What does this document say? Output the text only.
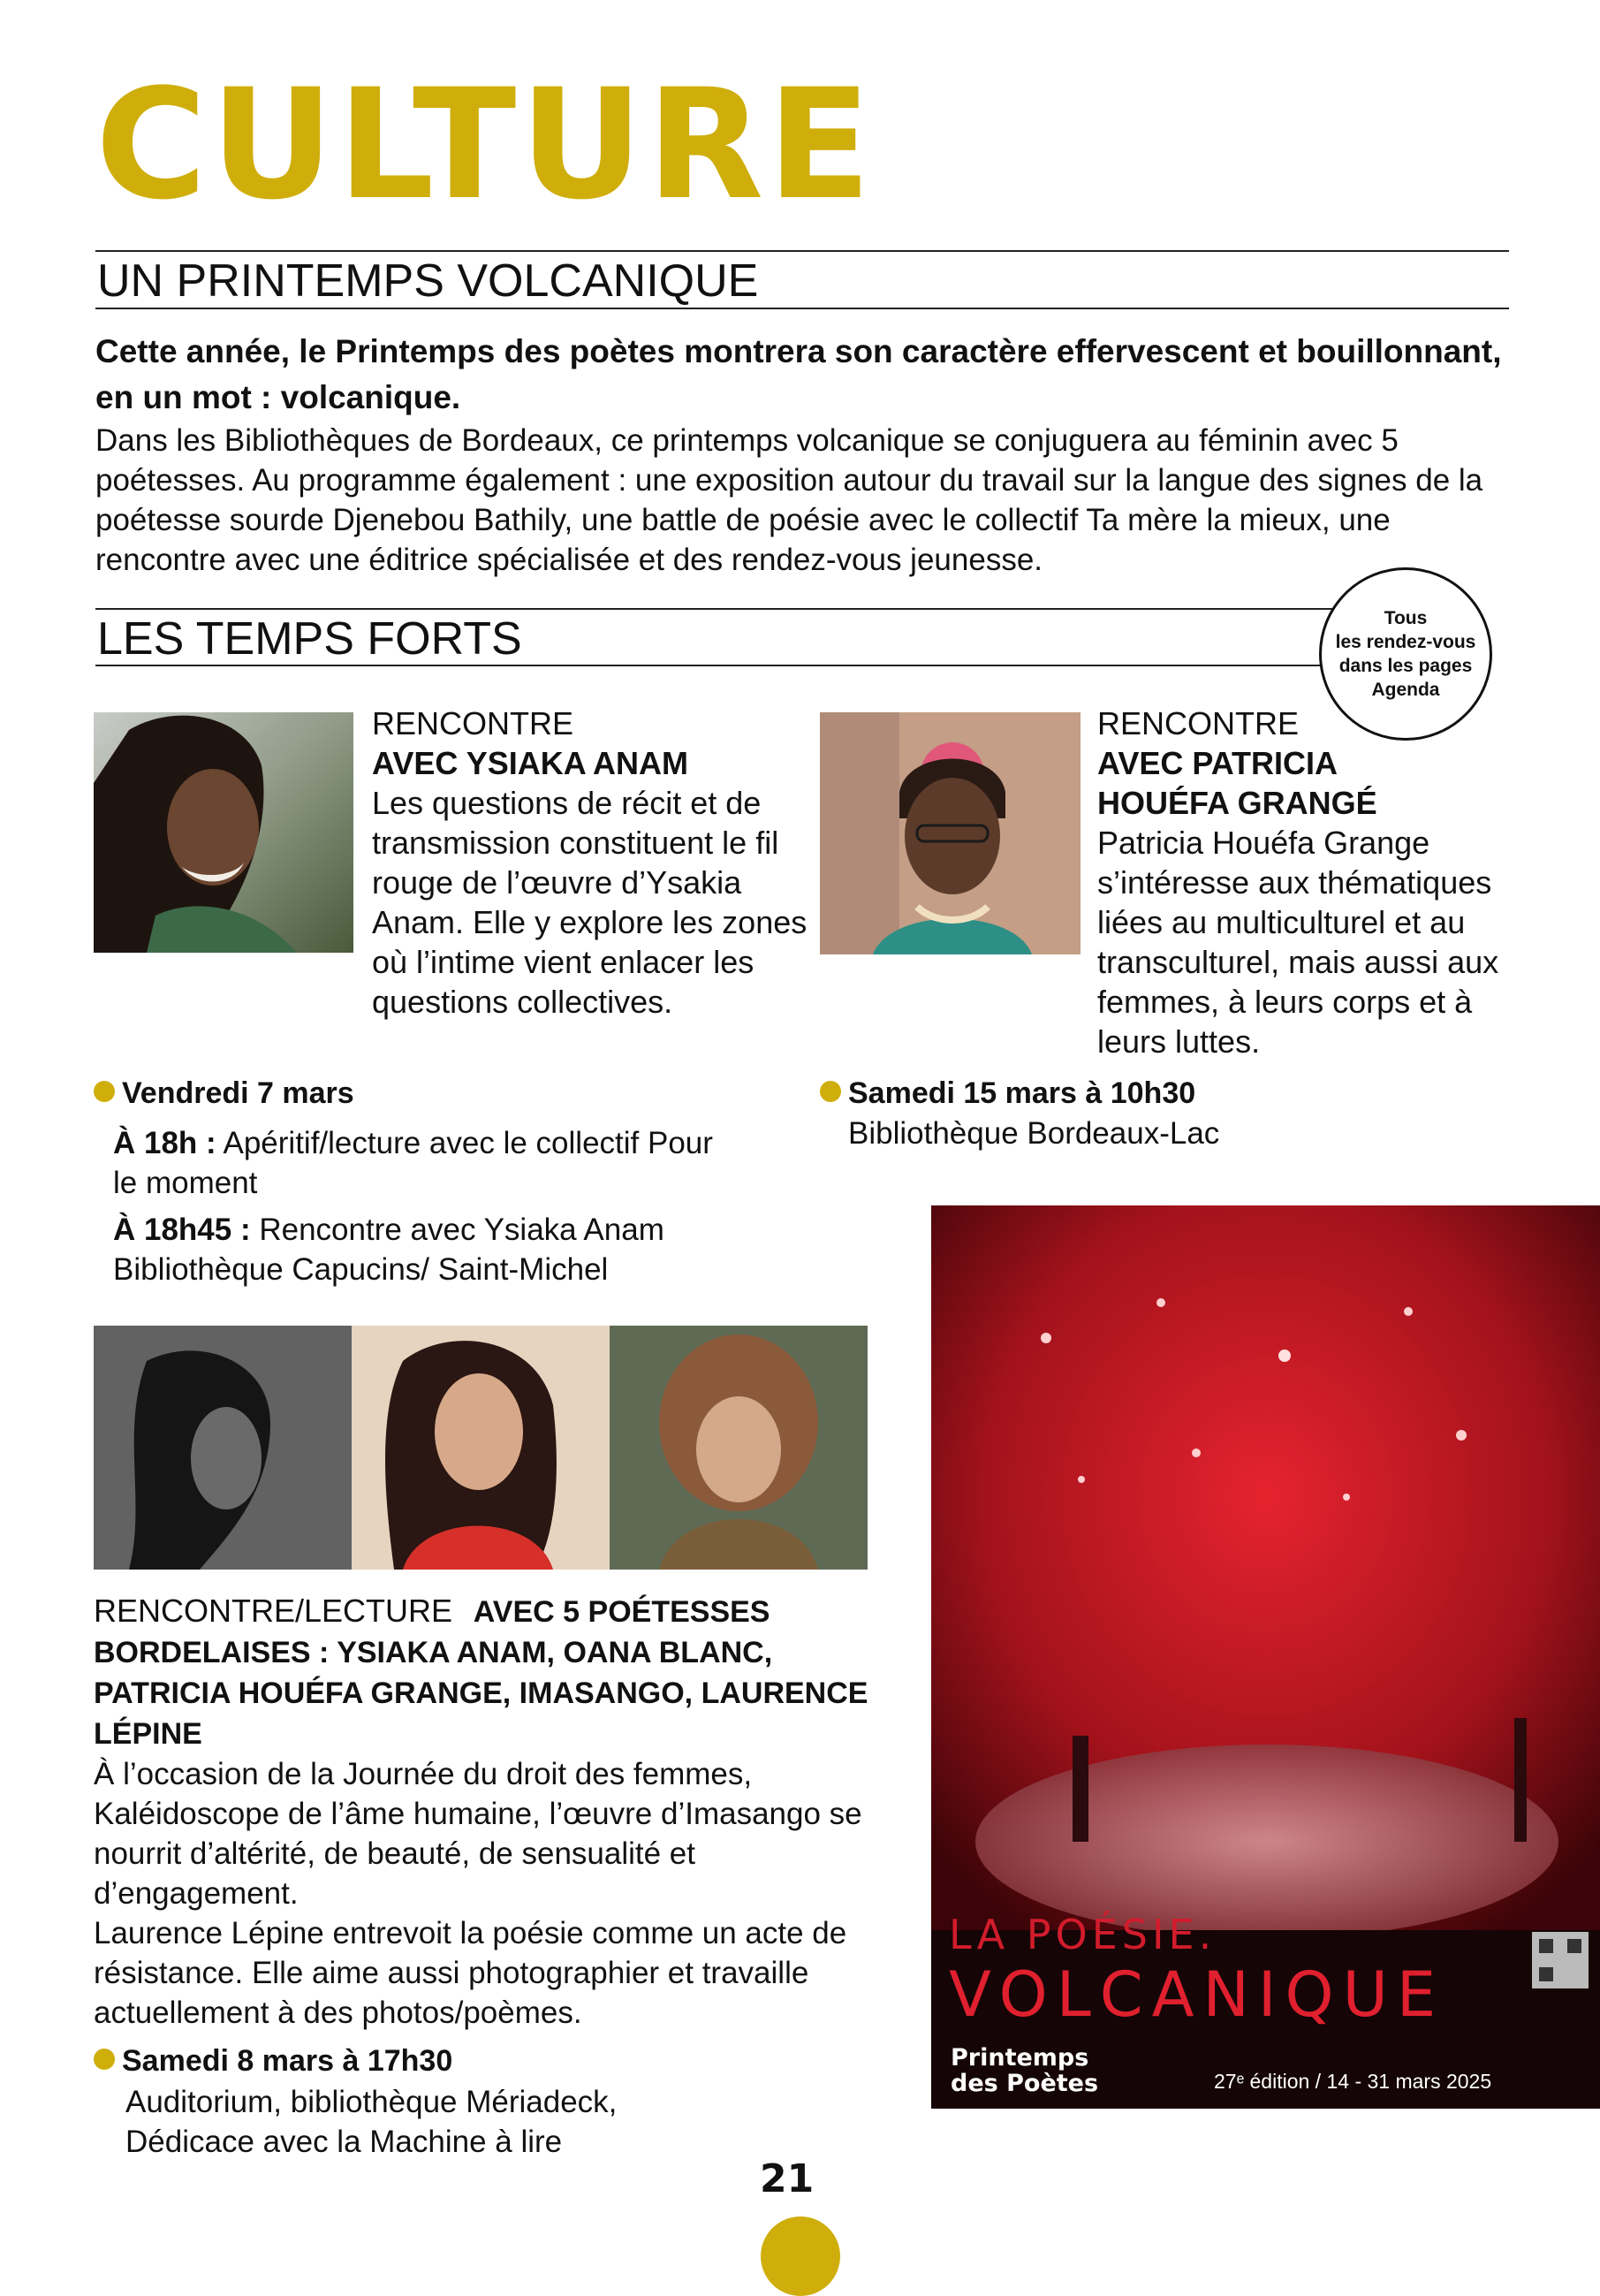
CULTURE
UN PRINTEMPS VOLCANIQUE
Cette année, le Printemps des poètes montrera son caractère effervescent et bouillonnant, en un mot : volcanique.
Dans les Bibliothèques de Bordeaux, ce printemps volcanique se conjuguera au féminin avec 5 poétesses. Au programme également : une exposition autour du travail sur la langue des signes de la poétesse sourde Djenebou Bathily, une battle de poésie avec le collectif Ta mère la mieux, une rencontre avec une éditrice spécialisée et des rendez-vous jeunesse.
LES TEMPS FORTS	Tous
les rendez-vous
dans les pages
Agenda
RENCONTRE
AVEC YSIAKA ANAM
Les questions de récit et de transmission constituent le fil rouge de l’œuvre d’Ysakia Anam. Elle y explore les zones où l’intime vient enlacer les questions collectives.
Vendredi 7 mars
À 18h : Apéritif/lecture avec le collectif Pour le moment
À 18h45 : Rencontre avec Ysiaka Anam
Bibliothèque Capucins/ Saint-Michel
RENCONTRE
AVEC PATRICIA
HOUÉFA GRANGÉ
Patricia Houéfa Grange s’intéresse aux thématiques liées au multiculturel et au transculturel, mais aussi aux femmes, à leurs corps et à leurs luttes.
Samedi 15 mars à 10h30
Bibliothèque Bordeaux-Lac
RENCONTRE/LECTURE AVEC 5 POÉTESSES BORDELAISES : YSIAKA ANAM, OANA BLANC, PATRICIA HOUÉFA GRANGE, IMASANGO, LAURENCE LÉPINE
À l’occasion de la Journée du droit des femmes, Kaléidoscope de l’âme humaine, l’œuvre d’Imasango se nourrit d’altérité, de beauté, de sensualité et d’engagement.
Laurence Lépine entrevoit la poésie comme un acte de résistance. Elle aime aussi photographier et travaille actuellement à des photos/poèmes.
Samedi 8 mars à 17h30
Auditorium, bibliothèque Mériadeck,
Dédicace avec la Machine à lire
LA POÉSIE.
VOLCANIQUE
Printemps
des Poètes	27ᵉ édition / 14 - 31 mars 2025
21
